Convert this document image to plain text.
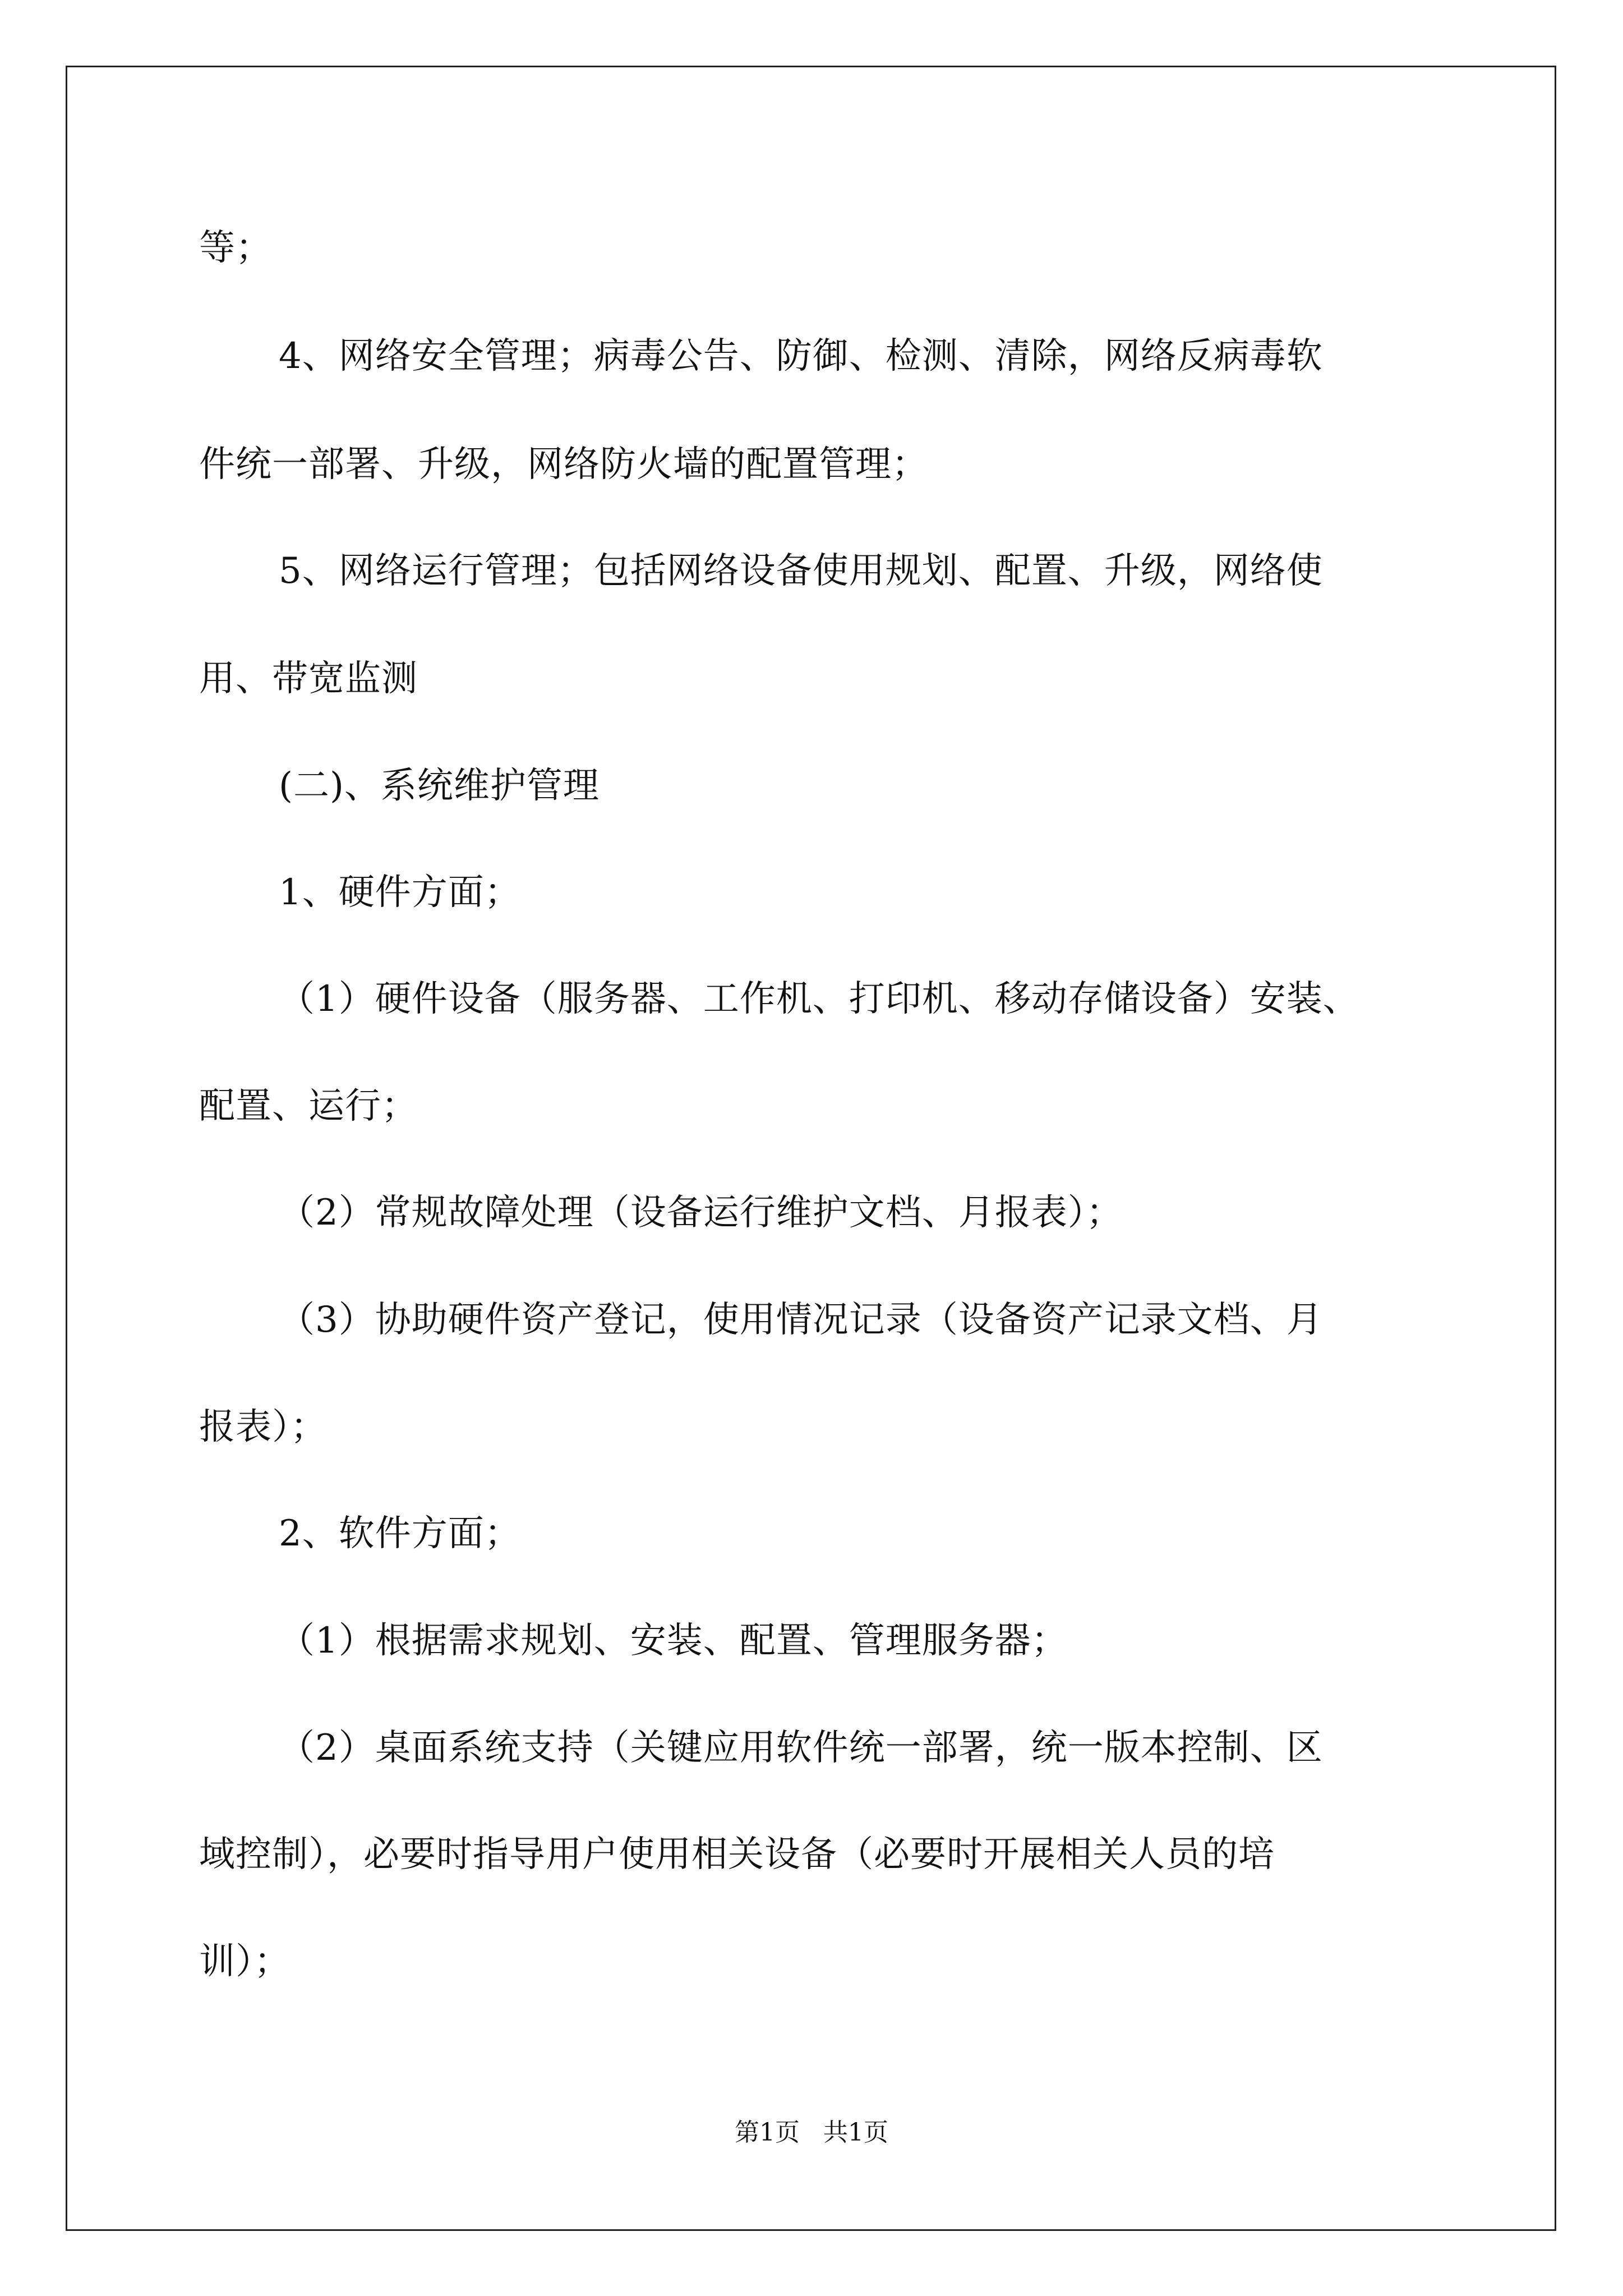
等；
4、网络安全管理；病毒公告、防御、检测、清除，网络反病毒软
件统一部署、升级，网络防火墙的配置管理；
5、网络运行管理；包括网络设备使用规划、配置、升级，网络使
用、带宽监测
(二)、系统维护管理
1、硬件方面；
（1）硬件设备（服务器、工作机、打印机、移动存储设备）安装、
配置、运行；
（2）常规故障处理（设备运行维护文档、月报表）；
（3）协助硬件资产登记，使用情况记录（设备资产记录文档、月
报表）；
2、软件方面；
（1）根据需求规划、安装、配置、管理服务器；
（2）桌面系统支持（关键应用软件统一部署，统一版本控制、区
域控制），必要时指导用户使用相关设备（必要时开展相关人员的培
训）；
第1页   共1页
